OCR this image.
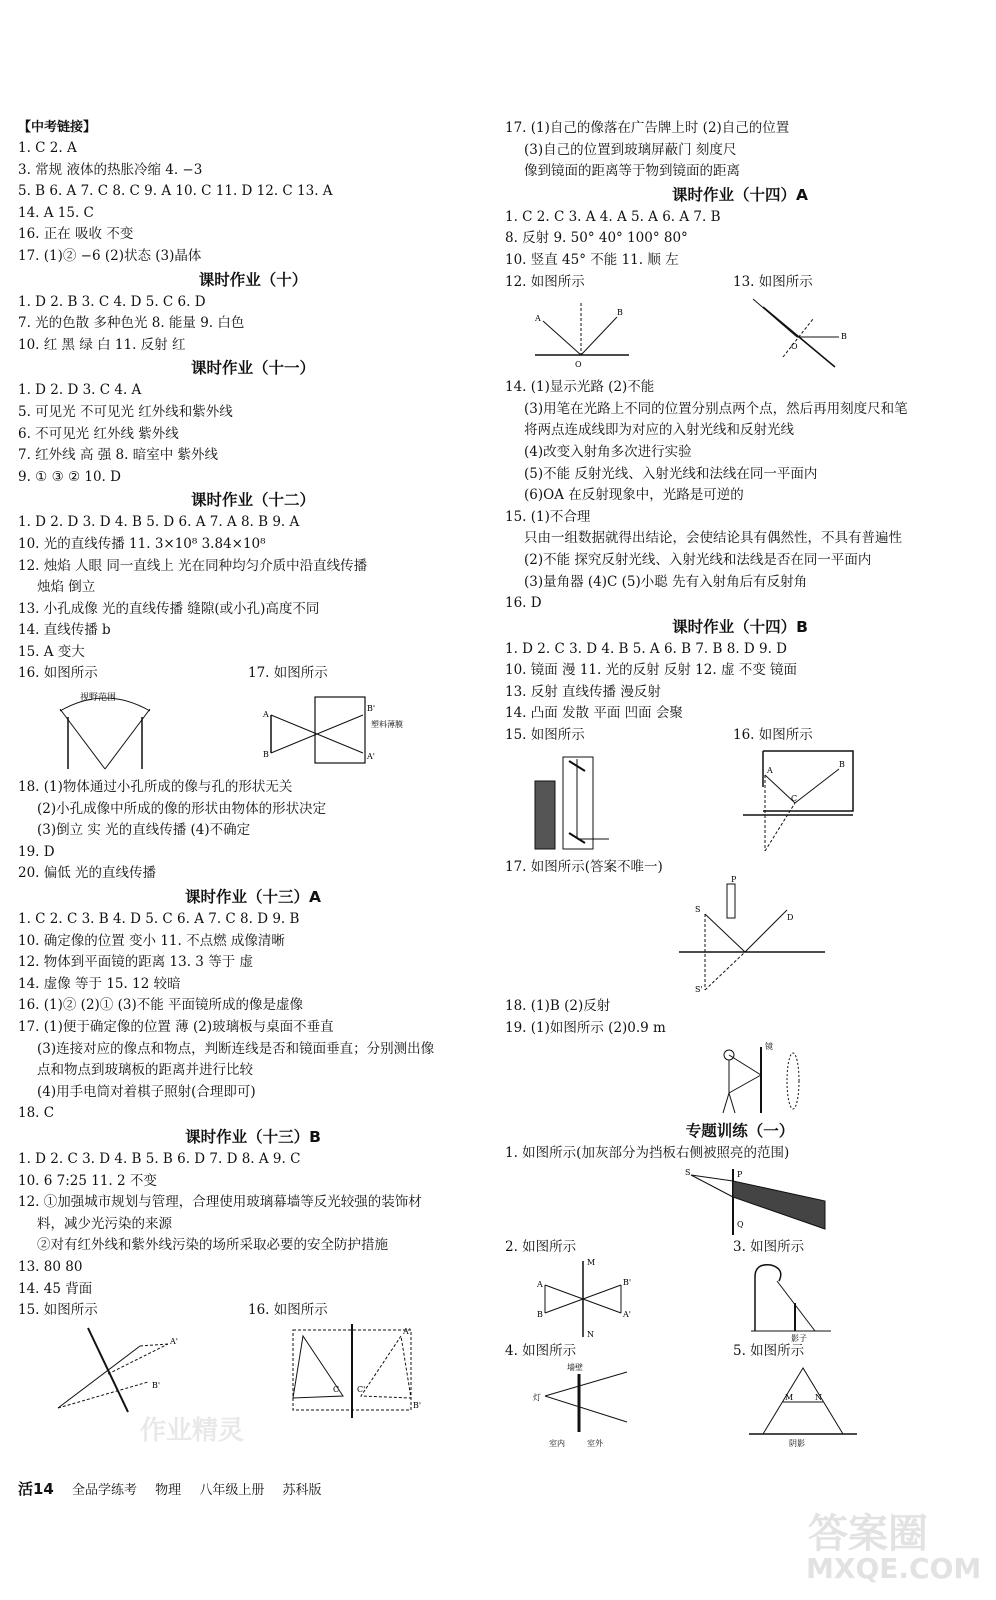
【中考链接】
1. C 2. A
3. 常规 液体的热胀冷缩 4. −3
5. B 6. A 7. C 8. C 9. A 10. C 11. D 12. C 13. A
14. A 15. C
16. 正在 吸收 不变
17. (1)② −6 (2)状态 (3)晶体
课时作业（十）
1. D 2. B 3. C 4. D 5. C 6. D
7. 光的色散 多种色光 8. 能量 9. 白色
10. 红 黑 绿 白 11. 反射 红
课时作业（十一）
1. D 2. D 3. C 4. A
5. 可见光 不可见光 红外线和紫外线
6. 不可见光 红外线 紫外线
7. 红外线 高 强 8. 暗室中 紫外线
9. ① ③ ② 10. D
课时作业（十二）
1. D 2. D 3. D 4. B 5. D 6. A 7. A 8. B 9. A
10. 光的直线传播 11. 3×10⁸ 3.84×10⁸
12. 烛焰 人眼 同一直线上 光在同种均匀介质中沿直线传播
烛焰 倒立
13. 小孔成像 光的直线传播 缝隙(或小孔)高度不同
14. 直线传播 b
15. A 变大
16. 如图所示	17. 如图所示
视野范围
A
B
B'
A'
塑料薄膜
18. (1)物体通过小孔所成的像与孔的形状无关
(2)小孔成像中所成的像的形状由物体的形状决定
(3)倒立 实 光的直线传播 (4)不确定
19. D
20. 偏低 光的直线传播
课时作业（十三）A
1. C 2. C 3. B 4. D 5. C 6. A 7. C 8. D 9. B
10. 确定像的位置 变小 11. 不点燃 成像清晰
12. 物体到平面镜的距离 13. 3 等于 虚
14. 虚像 等于 15. 12 较暗
16. (1)② (2)① (3)不能 平面镜所成的像是虚像
17. (1)便于确定像的位置 薄 (2)玻璃板与桌面不垂直
(3)连接对应的像点和物点，判断连线是否和镜面垂直；分别测出像
点和物点到玻璃板的距离并进行比较
(4)用手电筒对着棋子照射(合理即可)
18. C
课时作业（十三）B
1. D 2. C 3. D 4. B 5. B 6. D 7. D 8. A 9. C
10. 6 7:25 11. 2 不变
12. ①加强城市规划与管理，合理使用玻璃幕墙等反光较强的装饰材
料，减少光污染的来源
②对有红外线和紫外线污染的场所采取必要的安全防护措施
13. 80 80
14. 45 背面
15. 如图所示	16. 如图所示
A'
B'	C'
C
B'
A'
17. (1)自己的像落在广告牌上时 (2)自己的位置
(3)自己的位置到玻璃屏蔽门 刻度尺
像到镜面的距离等于物到镜面的距离
课时作业（十四）A
1. C 2. C 3. A 4. A 5. A 6. A 7. B
8. 反射 9. 50° 40° 100° 80°
10. 竖直 45° 不能 11. 顺 左
12. 如图所示	13. 如图所示
A
B
O
B
O
14. (1)显示光路 (2)不能
(3)用笔在光路上不同的位置分别点两个点，然后再用刻度尺和笔
将两点连成线即为对应的入射光线和反射光线
(4)改变入射角多次进行实验
(5)不能 反射光线、入射光线和法线在同一平面内
(6)OA 在反射现象中，光路是可逆的
15. (1)不合理
只由一组数据就得出结论，会使结论具有偶然性，不具有普遍性
(2)不能 探究反射光线、入射光线和法线是否在同一平面内
(3)量角器 (4)C (5)小聪 先有入射角后有反射角
16. D
课时作业（十四）B
1. D 2. C 3. D 4. B 5. A 6. B 7. B 8. D 9. D
10. 镜面 漫 11. 光的反射 反射 12. 虚 不变 镜面
13. 反射 直线传播 漫反射
14. 凸面 发散 平面 凹面 会聚
15. 如图所示	16. 如图所示
A
B
C
17. 如图所示(答案不唯一)
S
S'
D
P
18. (1)B (2)反射
19. (1)如图所示 (2)0.9 m
镜
专题训练（一）
1. 如图所示(加灰部分为挡板右侧被照亮的范围)
S	P
Q
2. 如图所示	3. 如图所示
A
B
B'
A'
M
N	影子
4. 如图所示	5. 如图所示
墙壁
灯
室内	室外
M	N
阴影
活14 全品学练考 物理 八年级上册 苏科版
答案圈
MXQE.COM
作业精灵
